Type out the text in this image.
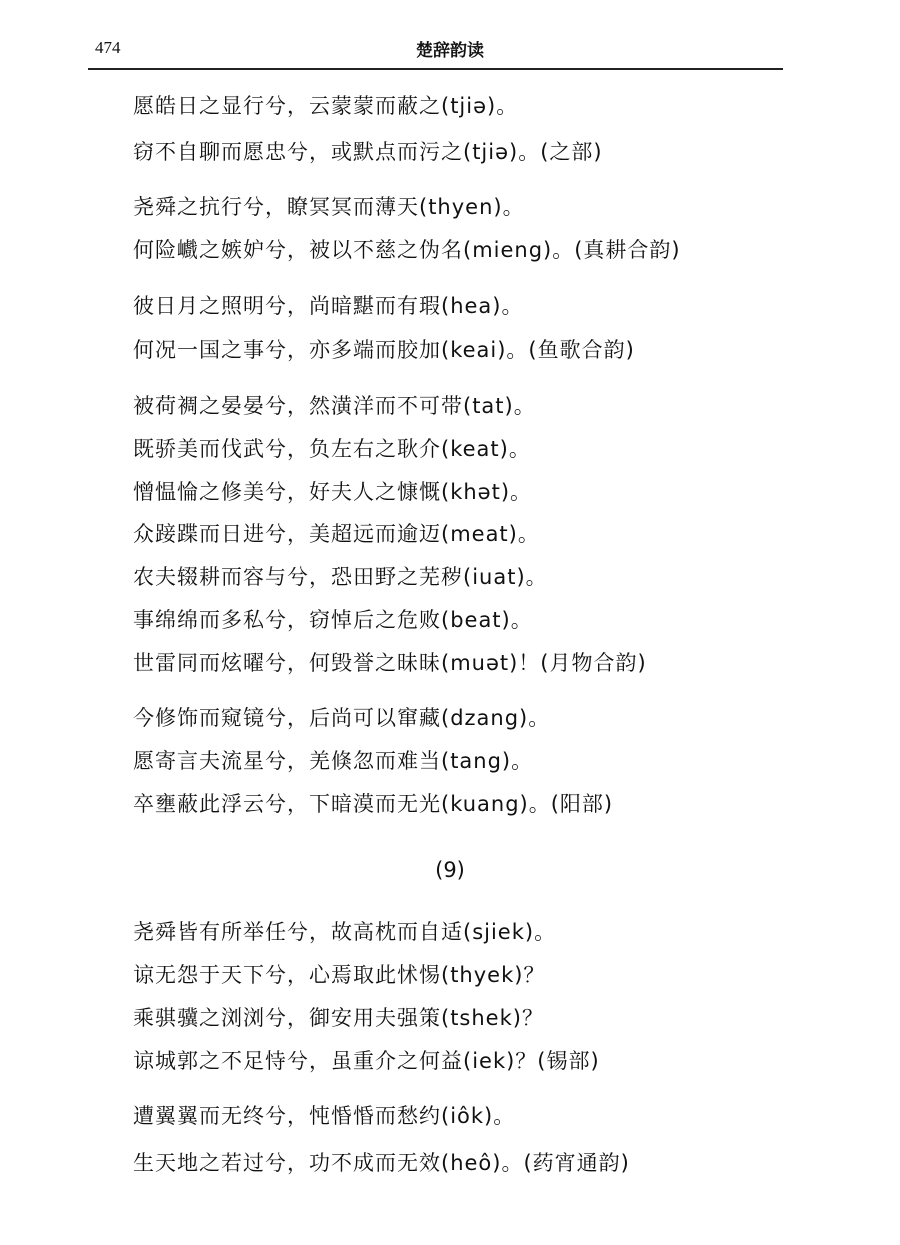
474	楚辞韵读
愿皓日之显行兮，云蒙蒙而蔽之(tjiə)。
窃不自聊而愿忠兮，或默点而污之(tjiə)。(之部)
尧舜之抗行兮，瞭冥冥而薄天(thyen)。
何险巇之嫉妒兮，被以不慈之伪名(mieng)。(真耕合韵)
彼日月之照明兮，尚暗黮而有瑕(hea)。
何况一国之事兮，亦多端而胶加(keai)。(鱼歌合韵)
被荷裯之晏晏兮，然潢洋而不可带(tat)。
既骄美而伐武兮，负左右之耿介(keat)。
憎愠惀之修美兮，好夫人之慷慨(khət)。
众踥蹀而日进兮，美超远而逾迈(meat)。
农夫辍耕而容与兮，恐田野之芜秽(iuat)。
事绵绵而多私兮，窃悼后之危败(beat)。
世雷同而炫曜兮，何毁誉之昧昧(muət)！(月物合韵)
今修饰而窥镜兮，后尚可以窜藏(dzang)。
愿寄言夫流星兮，羌倏忽而难当(tang)。
卒壅蔽此浮云兮，下暗漠而无光(kuang)。(阳部)
尧舜皆有所举任兮，故高枕而自适(sjiek)。
谅无怨于天下兮，心焉取此怵惕(thyek)？
乘骐骥之浏浏兮，御安用夫强策(tshek)？
谅城郭之不足恃兮，虽重介之何益(iek)？(锡部)
遭翼翼而无终兮，忳惛惛而愁约(iôk)。
生天地之若过兮，功不成而无效(heô)。(药宵通韵)
(9)
